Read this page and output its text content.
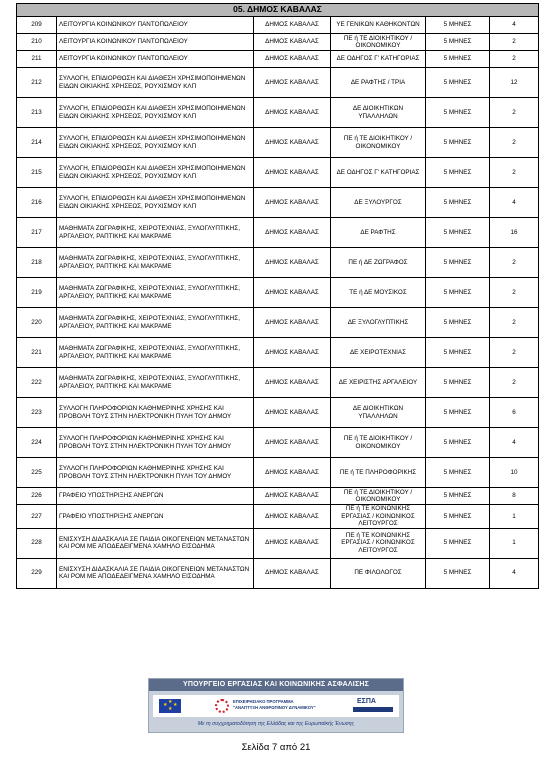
05. ΔΗΜΟΣ ΚΑΒΑΛΑΣ					
209	ΛΕΙΤΟΥΡΓΙΑ ΚΟΙΝΩΝΙΚΟΥ ΠΑΝΤΟΠΩΛΕΙΟΥ	ΔΗΜΟΣ ΚΑΒΑΛΑΣ	ΥΕ ΓΕΝΙΚΩΝ ΚΑΘΗΚΟΝΤΩΝ	5 ΜΗΝΕΣ	4
210	ΛΕΙΤΟΥΡΓΙΑ ΚΟΙΝΩΝΙΚΟΥ ΠΑΝΤΟΠΩΛΕΙΟΥ	ΔΗΜΟΣ ΚΑΒΑΛΑΣ	ΠΕ ή ΤΕ ΔΙΟΙΚΗΤΙΚΟΥ / ΟΙΚΟΝΟΜΙΚΟΥ	5 ΜΗΝΕΣ	2
211	ΛΕΙΤΟΥΡΓΙΑ ΚΟΙΝΩΝΙΚΟΥ ΠΑΝΤΟΠΩΛΕΙΟΥ	ΔΗΜΟΣ ΚΑΒΑΛΑΣ	ΔΕ ΟΔΗΓΟΣ Γ' ΚΑΤΗΓΟΡΙΑΣ	5 ΜΗΝΕΣ	2
212	ΣΥΛΛΟΓΗ, ΕΠΙΔΙΟΡΘΩΣΗ ΚΑΙ ΔΙΑΘΕΣΗ ΧΡΗΣΙΜΟΠΟΙΗΜΕΝΩΝ ΕΙΔΩΝ ΟΙΚΙΑΚΗΣ ΧΡΗΣΕΩΣ, ΡΟΥΧΙΣΜΟΥ ΚΛΠ	ΔΗΜΟΣ ΚΑΒΑΛΑΣ	ΔΕ ΡΑΦΤΗΣ / ΤΡΙΑ	5 ΜΗΝΕΣ	12
213	ΣΥΛΛΟΓΗ, ΕΠΙΔΙΟΡΘΩΣΗ ΚΑΙ ΔΙΑΘΕΣΗ ΧΡΗΣΙΜΟΠΟΙΗΜΕΝΩΝ ΕΙΔΩΝ ΟΙΚΙΑΚΗΣ ΧΡΗΣΕΩΣ, ΡΟΥΧΙΣΜΟΥ ΚΛΠ	ΔΗΜΟΣ ΚΑΒΑΛΑΣ	ΔΕ ΔΙΟΙΚΗΤΙΚΩΝ ΥΠΑΛΛΗΛΩΝ	5 ΜΗΝΕΣ	2
214	ΣΥΛΛΟΓΗ, ΕΠΙΔΙΟΡΘΩΣΗ ΚΑΙ ΔΙΑΘΕΣΗ ΧΡΗΣΙΜΟΠΟΙΗΜΕΝΩΝ ΕΙΔΩΝ ΟΙΚΙΑΚΗΣ ΧΡΗΣΕΩΣ, ΡΟΥΧΙΣΜΟΥ ΚΛΠ	ΔΗΜΟΣ ΚΑΒΑΛΑΣ	ΠΕ ή ΤΕ ΔΙΟΙΚΗΤΙΚΟΥ / ΟΙΚΟΝΟΜΙΚΟΥ	5 ΜΗΝΕΣ	2
215	ΣΥΛΛΟΓΗ, ΕΠΙΔΙΟΡΘΩΣΗ ΚΑΙ ΔΙΑΘΕΣΗ ΧΡΗΣΙΜΟΠΟΙΗΜΕΝΩΝ ΕΙΔΩΝ ΟΙΚΙΑΚΗΣ ΧΡΗΣΕΩΣ, ΡΟΥΧΙΣΜΟΥ ΚΛΠ	ΔΗΜΟΣ ΚΑΒΑΛΑΣ	ΔΕ ΟΔΗΓΟΣ Γ' ΚΑΤΗΓΟΡΙΑΣ	5 ΜΗΝΕΣ	2
216	ΣΥΛΛΟΓΗ, ΕΠΙΔΙΟΡΘΩΣΗ ΚΑΙ ΔΙΑΘΕΣΗ ΧΡΗΣΙΜΟΠΟΙΗΜΕΝΩΝ ΕΙΔΩΝ ΟΙΚΙΑΚΗΣ ΧΡΗΣΕΩΣ, ΡΟΥΧΙΣΜΟΥ ΚΛΠ	ΔΗΜΟΣ ΚΑΒΑΛΑΣ	ΔΕ ΞΥΛΟΥΡΓΟΣ	5 ΜΗΝΕΣ	4
217	ΜΑΘΗΜΑΤΑ ΖΩΓΡΑΦΙΚΗΣ, ΧΕΙΡΟΤΕΧΝΙΑΣ, ΞΥΛΟΓΛΥΠΤΙΚΗΣ, ΑΡΓΑΛΕΙΟΥ, ΡΑΠΤΙΚΗΣ ΚΑΙ ΜΑΚΡΑΜΕ	ΔΗΜΟΣ ΚΑΒΑΛΑΣ	ΔΕ ΡΑΦΤΗΣ	5 ΜΗΝΕΣ	16
218	ΜΑΘΗΜΑΤΑ ΖΩΓΡΑΦΙΚΗΣ, ΧΕΙΡΟΤΕΧΝΙΑΣ, ΞΥΛΟΓΛΥΠΤΙΚΗΣ, ΑΡΓΑΛΕΙΟΥ, ΡΑΠΤΙΚΗΣ ΚΑΙ ΜΑΚΡΑΜΕ	ΔΗΜΟΣ ΚΑΒΑΛΑΣ	ΠΕ ή ΔΕ ΖΩΓΡΑΦΟΣ	5 ΜΗΝΕΣ	2
219	ΜΑΘΗΜΑΤΑ ΖΩΓΡΑΦΙΚΗΣ, ΧΕΙΡΟΤΕΧΝΙΑΣ, ΞΥΛΟΓΛΥΠΤΙΚΗΣ, ΑΡΓΑΛΕΙΟΥ, ΡΑΠΤΙΚΗΣ ΚΑΙ ΜΑΚΡΑΜΕ	ΔΗΜΟΣ ΚΑΒΑΛΑΣ	ΤΕ ή ΔΕ ΜΟΥΣΙΚΟΣ	5 ΜΗΝΕΣ	2
220	ΜΑΘΗΜΑΤΑ ΖΩΓΡΑΦΙΚΗΣ, ΧΕΙΡΟΤΕΧΝΙΑΣ, ΞΥΛΟΓΛΥΠΤΙΚΗΣ, ΑΡΓΑΛΕΙΟΥ, ΡΑΠΤΙΚΗΣ ΚΑΙ ΜΑΚΡΑΜΕ	ΔΗΜΟΣ ΚΑΒΑΛΑΣ	ΔΕ ΞΥΛΟΓΛΥΠΤΙΚΗΣ	5 ΜΗΝΕΣ	2
221	ΜΑΘΗΜΑΤΑ ΖΩΓΡΑΦΙΚΗΣ, ΧΕΙΡΟΤΕΧΝΙΑΣ, ΞΥΛΟΓΛΥΠΤΙΚΗΣ, ΑΡΓΑΛΕΙΟΥ, ΡΑΠΤΙΚΗΣ ΚΑΙ ΜΑΚΡΑΜΕ	ΔΗΜΟΣ ΚΑΒΑΛΑΣ	ΔΕ ΧΕΙΡΟΤΕΧΝΙΑΣ	5 ΜΗΝΕΣ	2
222	ΜΑΘΗΜΑΤΑ ΖΩΓΡΑΦΙΚΗΣ, ΧΕΙΡΟΤΕΧΝΙΑΣ, ΞΥΛΟΓΛΥΠΤΙΚΗΣ, ΑΡΓΑΛΕΙΟΥ, ΡΑΠΤΙΚΗΣ ΚΑΙ ΜΑΚΡΑΜΕ	ΔΗΜΟΣ ΚΑΒΑΛΑΣ	ΔΕ ΧΕΙΡΙΣΤΗΣ ΑΡΓΑΛΕΙΟΥ	5 ΜΗΝΕΣ	2
223	ΣΥΛΛΟΓΗ ΠΛΗΡΟΦΟΡΙΩΝ ΚΑΘΗΜΕΡΙΝΗΣ ΧΡΗΣΗΣ ΚΑΙ ΠΡΟΒΟΛΗ ΤΟΥΣ ΣΤΗΝ ΗΛΕΚΤΡΟΝΙΚΗ ΠΥΛΗ ΤΟΥ ΔΗΜΟΥ	ΔΗΜΟΣ ΚΑΒΑΛΑΣ	ΔΕ ΔΙΟΙΚΗΤΙΚΩΝ ΥΠΑΛΛΗΛΩΝ	5 ΜΗΝΕΣ	6
224	ΣΥΛΛΟΓΗ ΠΛΗΡΟΦΟΡΙΩΝ ΚΑΘΗΜΕΡΙΝΗΣ ΧΡΗΣΗΣ ΚΑΙ ΠΡΟΒΟΛΗ ΤΟΥΣ ΣΤΗΝ ΗΛΕΚΤΡΟΝΙΚΗ ΠΥΛΗ ΤΟΥ ΔΗΜΟΥ	ΔΗΜΟΣ ΚΑΒΑΛΑΣ	ΠΕ ή ΤΕ ΔΙΟΙΚΗΤΙΚΟΥ / ΟΙΚΟΝΟΜΙΚΟΥ	5 ΜΗΝΕΣ	4
225	ΣΥΛΛΟΓΗ ΠΛΗΡΟΦΟΡΙΩΝ ΚΑΘΗΜΕΡΙΝΗΣ ΧΡΗΣΗΣ ΚΑΙ ΠΡΟΒΟΛΗ ΤΟΥΣ ΣΤΗΝ ΗΛΕΚΤΡΟΝΙΚΗ ΠΥΛΗ ΤΟΥ ΔΗΜΟΥ	ΔΗΜΟΣ ΚΑΒΑΛΑΣ	ΠΕ ή ΤΕ ΠΛΗΡΟΦΟΡΙΚΗΣ	5 ΜΗΝΕΣ	10
226	ΓΡΑΦΕΙΟ ΥΠΟΣΤΗΡΙΞΗΣ ΑΝΕΡΓΩΝ	ΔΗΜΟΣ ΚΑΒΑΛΑΣ	ΠΕ ή ΤΕ ΔΙΟΙΚΗΤΙΚΟΥ / ΟΙΚΟΝΟΜΙΚΟΥ	5 ΜΗΝΕΣ	8
227	ΓΡΑΦΕΙΟ ΥΠΟΣΤΗΡΙΞΗΣ ΑΝΕΡΓΩΝ	ΔΗΜΟΣ ΚΑΒΑΛΑΣ	ΠΕ ή ΤΕ ΚΟΙΝΩΝΙΚΗΣ ΕΡΓΑΣΙΑΣ / ΚΟΙΝΩΝΙΚΟΣ ΛΕΙΤΟΥΡΓΟΣ	5 ΜΗΝΕΣ	1
228	ΕΝΙΣΧΥΣΗ ΔΙΔΑΣΚΑΛΙΑ ΣΕ ΠΑΙΔΙΑ ΟΙΚΟΓΕΝΕΙΩΝ ΜΕΤΑΝΑΣΤΩΝ ΚΑΙ ΡΟΜ ΜΕ ΑΠΟΔΕΔΕΙΓΜΕΝΑ ΧΑΜΗΛΟ ΕΙΣΟΔΗΜΑ	ΔΗΜΟΣ ΚΑΒΑΛΑΣ	ΠΕ ή ΤΕ ΚΟΙΝΩΝΙΚΗΣ ΕΡΓΑΣΙΑΣ / ΚΟΙΝΩΝΙΚΟΣ ΛΕΙΤΟΥΡΓΟΣ	5 ΜΗΝΕΣ	1
229	ΕΝΙΣΧΥΣΗ ΔΙΔΑΣΚΑΛΙΑ ΣΕ ΠΑΙΔΙΑ ΟΙΚΟΓΕΝΕΙΩΝ ΜΕΤΑΝΑΣΤΩΝ ΚΑΙ ΡΟΜ ΜΕ ΑΠΟΔΕΔΕΙΓΜΕΝΑ ΧΑΜΗΛΟ ΕΙΣΟΔΗΜΑ	ΔΗΜΟΣ ΚΑΒΑΛΑΣ	ΠΕ ΦΙΛΟΛΟΓΟΣ	5 ΜΗΝΕΣ	4
ΥΠΟΥΡΓΕΙΟ ΕΡΓΑΣΙΑΣ ΚΑΙ ΚΟΙΝΩΝΙΚΗΣ ΑΣΦΑΛΙΣΗΣ
★
★ ★
★
ΕΠΙΧΕΙΡΗΣΙΑΚΟ ΠΡΟΓΡΑΜΜΑ
"ΑΝΑΠΤΥΞΗ ΑΝΘΡΩΠΙΝΟΥ ΔΥΝΑΜΙΚΟΥ"
ΕΣΠΑ
Με τη συγχρηματοδότηση της Ελλάδας και της Ευρωπαϊκής Ένωσης
Σελίδα 7 από 21
